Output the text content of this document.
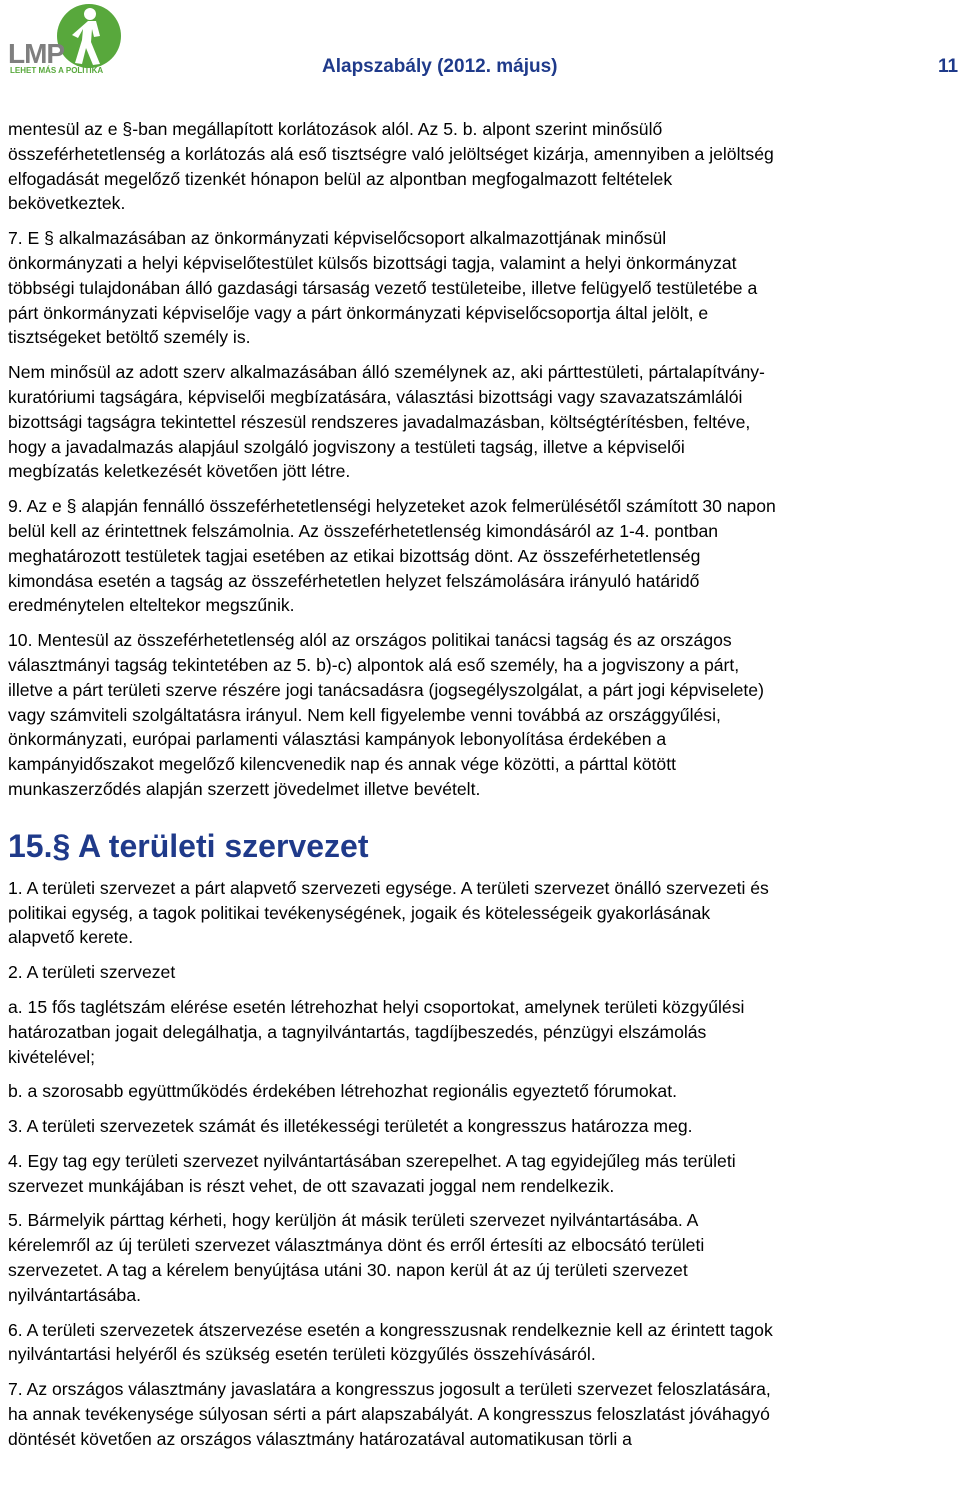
LMP
LEHET MÁS A POLITIKA	Alapszabály (2012. május)	11

mentesül az e §-ban megállapított korlátozások alól. Az 5. b. alpont szerint minősülő
összeférhetetlenség a korlátozás alá eső tisztségre való jelöltséget kizárja, amennyiben a jelöltség
elfogadását megelőző tizenkét hónapon belül az alpontban megfogalmazott feltételek
bekövetkeztek.

7. E § alkalmazásában az önkormányzati képviselőcsoport alkalmazottjának minősül
önkormányzati a helyi képviselőtestület külsős bizottsági tagja, valamint a helyi önkormányzat
többségi tulajdonában álló gazdasági társaság vezető testületeibe, illetve felügyelő testületébe a
párt önkormányzati képviselője vagy a párt önkormányzati képviselőcsoportja által jelölt, e
tisztségeket betöltő személy is.

Nem minősül az adott szerv alkalmazásában álló személynek az, aki párttestületi, pártalapítvány-
kuratóriumi tagságára, képviselői megbízatására, választási bizottsági vagy szavazatszámlálói
bizottsági tagságra tekintettel részesül rendszeres javadalmazásban, költségtérítésben, feltéve,
hogy a javadalmazás alapjául szolgáló jogviszony a testületi tagság, illetve a képviselői
megbízatás keletkezését követően jött létre.

9. Az e § alapján fennálló összeférhetetlenségi helyzeteket azok felmerülésétől számított 30 napon
belül kell az érintettnek felszámolnia. Az összeférhetetlenség kimondásáról az 1-4. pontban
meghatározott testületek tagjai esetében az etikai bizottság dönt. Az összeférhetetlenség
kimondása esetén a tagság az összeférhetetlen helyzet felszámolására irányuló határidő
eredménytelen elteltekor megszűnik.

10. Mentesül az összeférhetetlenség alól az országos politikai tanácsi tagság és az országos
választmányi tagság tekintetében az 5. b)-c) alpontok alá eső személy, ha a jogviszony a párt,
illetve a párt területi szerve részére jogi tanácsadásra (jogsegélyszolgálat, a párt jogi képviselete)
vagy számviteli szolgáltatásra irányul. Nem kell figyelembe venni továbbá az országgyűlési,
önkormányzati, európai parlamenti választási kampányok lebonyolítása érdekében a
kampányidőszakot megelőző kilencvenedik nap és annak vége közötti, a párttal kötött
munkaszerződés alapján szerzett jövedelmet illetve bevételt.

15.§ A területi szervezet

1. A területi szervezet a párt alapvető szervezeti egysége. A területi szervezet önálló szervezeti és
politikai egység, a tagok politikai tevékenységének, jogaik és kötelességeik gyakorlásának
alapvető kerete.

2. A területi szervezet

a. 15 fős taglétszám elérése esetén létrehozhat helyi csoportokat, amelynek területi közgyűlési
határozatban jogait delegálhatja, a tagnyilvántartás, tagdíjbeszedés, pénzügyi elszámolás
kivételével;

b. a szorosabb együttműködés érdekében létrehozhat regionális egyeztető fórumokat.

3. A területi szervezetek számát és illetékességi területét a kongresszus határozza meg.

4. Egy tag egy területi szervezet nyilvántartásában szerepelhet. A tag egyidejűleg más területi
szervezet munkájában is részt vehet, de ott szavazati joggal nem rendelkezik.

5. Bármelyik párttag kérheti, hogy kerüljön át másik területi szervezet nyilvántartásába. A
kérelemről az új területi szervezet választmánya dönt és erről értesíti az elbocsátó területi
szervezetet. A tag a kérelem benyújtása utáni 30. napon kerül át az új területi szervezet
nyilvántartásába.

6. A területi szervezetek átszervezése esetén a kongresszusnak rendelkeznie kell az érintett tagok
nyilvántartási helyéről és szükség esetén területi közgyűlés összehívásáról.

7. Az országos választmány javaslatára a kongresszus jogosult a területi szervezet feloszlatására,
ha annak tevékenysége súlyosan sérti a párt alapszabályát. A kongresszus feloszlatást jóváhagyó
döntését követően az országos választmány határozatával automatikusan törli a
